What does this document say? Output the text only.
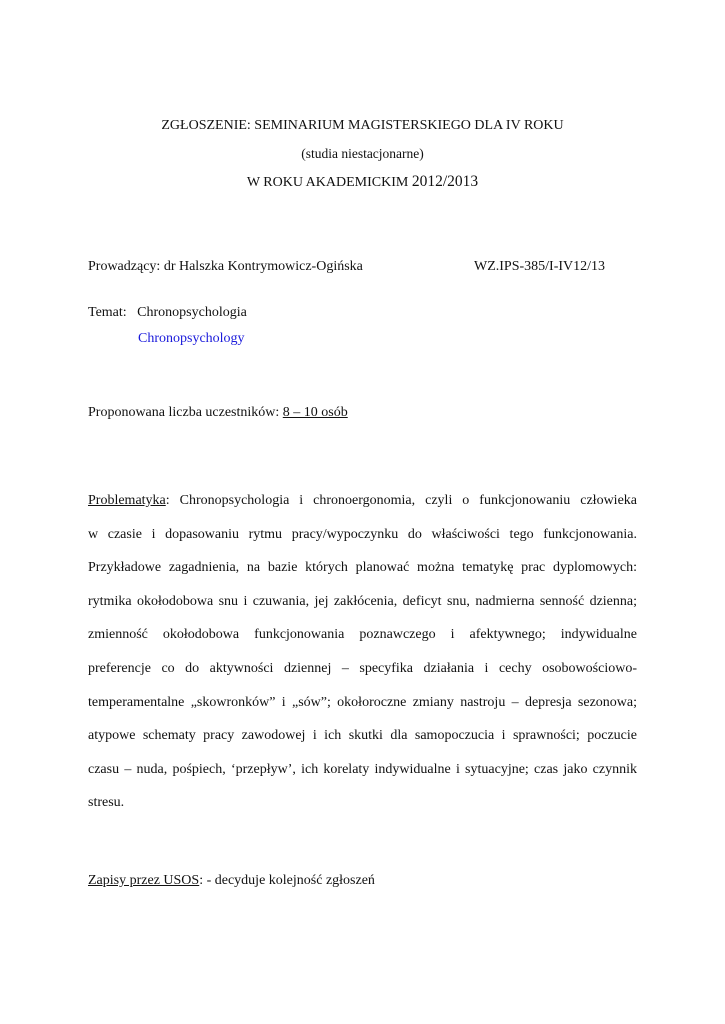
ZGŁOSZENIE: SEMINARIUM MAGISTERSKIEGO DLA IV ROKU
(studia niestacjonarne)
W ROKU AKADEMICKIM 2012/2013
Prowadzący: dr Halszka Kontrymowicz-Ogińska	WZ.IPS-385/I-IV12/13
Temat: Chronopsychologia
Chronopsychology
Proponowana liczba uczestników: 8 – 10 osób
Problematyka: Chronopsychologia i chronoergonomia, czyli o funkcjonowaniu człowieka
w czasie i dopasowaniu rytmu pracy/wypoczynku do właściwości tego funkcjonowania.
Przykładowe zagadnienia, na bazie których planować można tematykę prac dyplomowych:
rytmika okołodobowa snu i czuwania, jej zakłócenia, deficyt snu, nadmierna senność dzienna;
zmienność okołodobowa funkcjonowania poznawczego i afektywnego; indywidualne
preferencje co do aktywności dziennej – specyfika działania i cechy osobowościowo-
temperamentalne „skowronków” i „sów”; okołoroczne zmiany nastroju – depresja sezonowa;
atypowe schematy pracy zawodowej i ich skutki dla samopoczucia i sprawności; poczucie
czasu – nuda, pośpiech, ‘przepływ’, ich korelaty indywidualne i sytuacyjne; czas jako czynnik
stresu.
Zapisy przez USOS: - decyduje kolejność zgłoszeń
